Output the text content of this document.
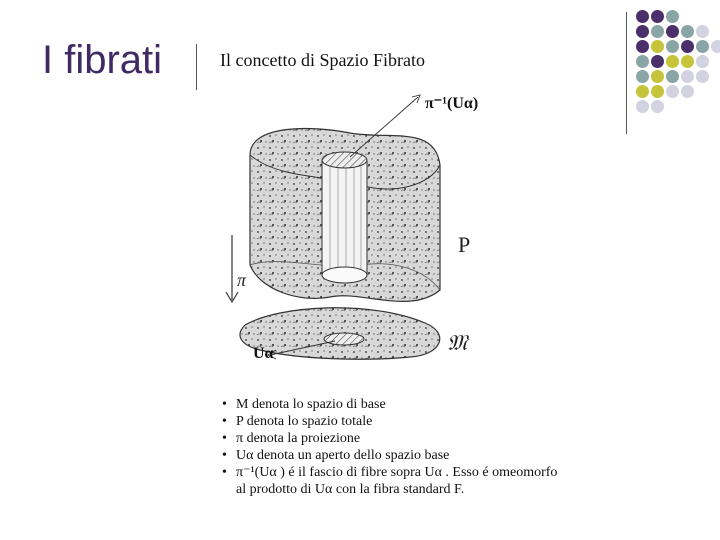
I fibrati	Il concetto di Spazio Fibrato
π⁻¹(Uα)
P
π
𝔐
Uα
• M denota lo spazio di base
• P denota lo spazio totale
• π denota la proiezione
• Uα denota un aperto dello spazio base
• π⁻¹(Uα ) é il fascio di fibre sopra Uα . Esso é omeomorfo
al prodotto di Uα con la fibra standard F.
